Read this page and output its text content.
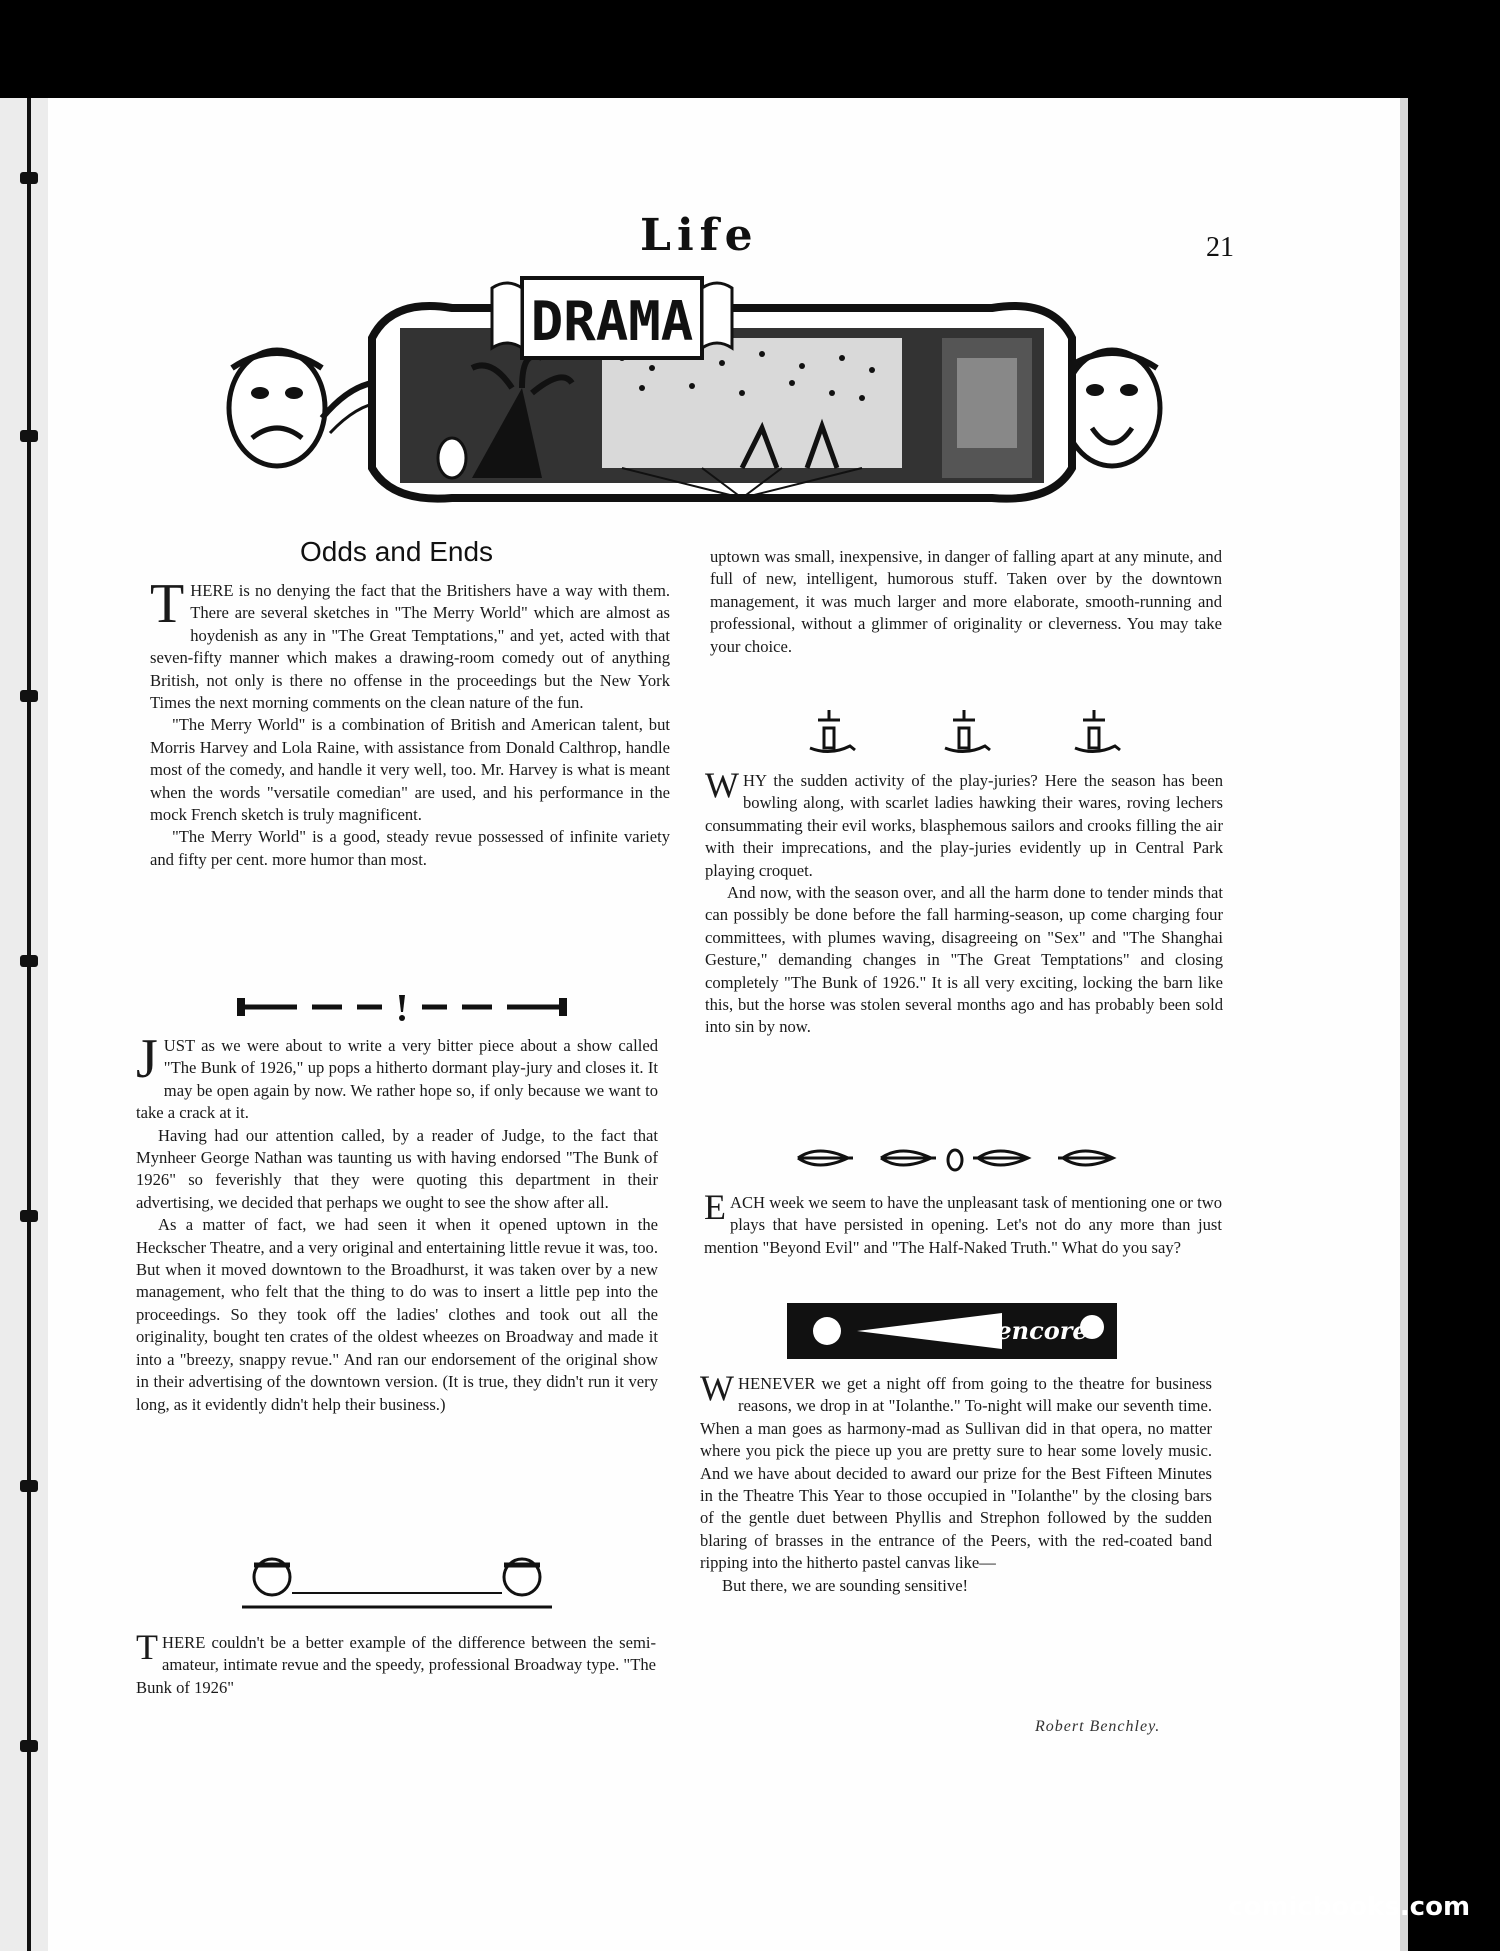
Life	21
DRAMA
Odds and Ends

THERE is no denying the fact that the Britishers have a way with them. There are several sketches in "The Merry World" which are almost as hoydenish as any in "The Great Temptations," and yet, acted with that seven-fifty manner which makes a drawing-room comedy out of anything British, not only is there no offense in the proceedings but the New York Times the next morning comments on the clean nature of the fun.

"The Merry World" is a combination of British and American talent, but Morris Harvey and Lola Raine, with assistance from Donald Calthrop, handle most of the comedy, and handle it very well, too. Mr. Harvey is what is meant when the words "versatile comedian" are used, and his performance in the mock French sketch is truly magnificent.

"The Merry World" is a good, steady revue possessed of infinite variety and fifty per cent. more humor than most.

JUST as we were about to write a very bitter piece about a show called "The Bunk of 1926," up pops a hitherto dormant play-jury and closes it. It may be open again by now. We rather hope so, if only because we want to take a crack at it.

Having had our attention called, by a reader of Judge, to the fact that Mynheer George Nathan was taunting us with having endorsed "The Bunk of 1926" so feverishly that they were quoting this department in their advertising, we decided that perhaps we ought to see the show after all.

As a matter of fact, we had seen it when it opened uptown in the Heckscher Theatre, and a very original and entertaining little revue it was, too. But when it moved downtown to the Broadhurst, it was taken over by a new management, who felt that the thing to do was to insert a little pep into the proceedings. So they took off the ladies' clothes and took out all the originality, bought ten crates of the oldest wheezes on Broadway and made it into a "breezy, snappy revue." And ran our endorsement of the original show in their advertising of the downtown version. (It is true, they didn't run it very long, as it evidently didn't help their business.)

THERE couldn't be a better example of the difference between the semi-amateur, intimate revue and the speedy, professional Broadway type. "The Bunk of 1926"

uptown was small, inexpensive, in danger of falling apart at any minute, and full of new, intelligent, humorous stuff. Taken over by the downtown management, it was much larger and more elaborate, smooth-running and professional, without a glimmer of originality or cleverness. You may take your choice.

WHY the sudden activity of the play-juries? Here the season has been bowling along, with scarlet ladies hawking their wares, roving lechers consummating their evil works, blasphemous sailors and crooks filling the air with their imprecations, and the play-juries evidently up in Central Park playing croquet.

And now, with the season over, and all the harm done to tender minds that can possibly be done before the fall harming-season, up come charging four committees, with plumes waving, disagreeing on "Sex" and "The Shanghai Gesture," demanding changes in "The Great Temptations" and closing completely "The Bunk of 1926." It is all very exciting, locking the barn like this, but the horse was stolen several months ago and has probably been sold into sin by now.

EACH week we seem to have the unpleasant task of mentioning one or two plays that have persisted in opening. Let's not do any more than just mention "Beyond Evil" and "The Half-Naked Truth." What do you say?

encore

WHENEVER we get a night off from going to the theatre for business reasons, we drop in at "Iolanthe." To-night will make our seventh time. When a man goes as harmony-mad as Sullivan did in that opera, no matter where you pick the piece up you are pretty sure to hear some lovely music. And we have about decided to award our prize for the Best Fifteen Minutes in the Theatre This Year to those occupied in "Iolanthe" by the closing bars of the gentle duet between Phyllis and Strephon followed by the sudden blaring of brasses in the entrance of the Peers, with the red-coated band ripping into the hitherto pastel canvas like—

But there, we are sounding sensitive!

Robert Benchley.
comicbooks.com
